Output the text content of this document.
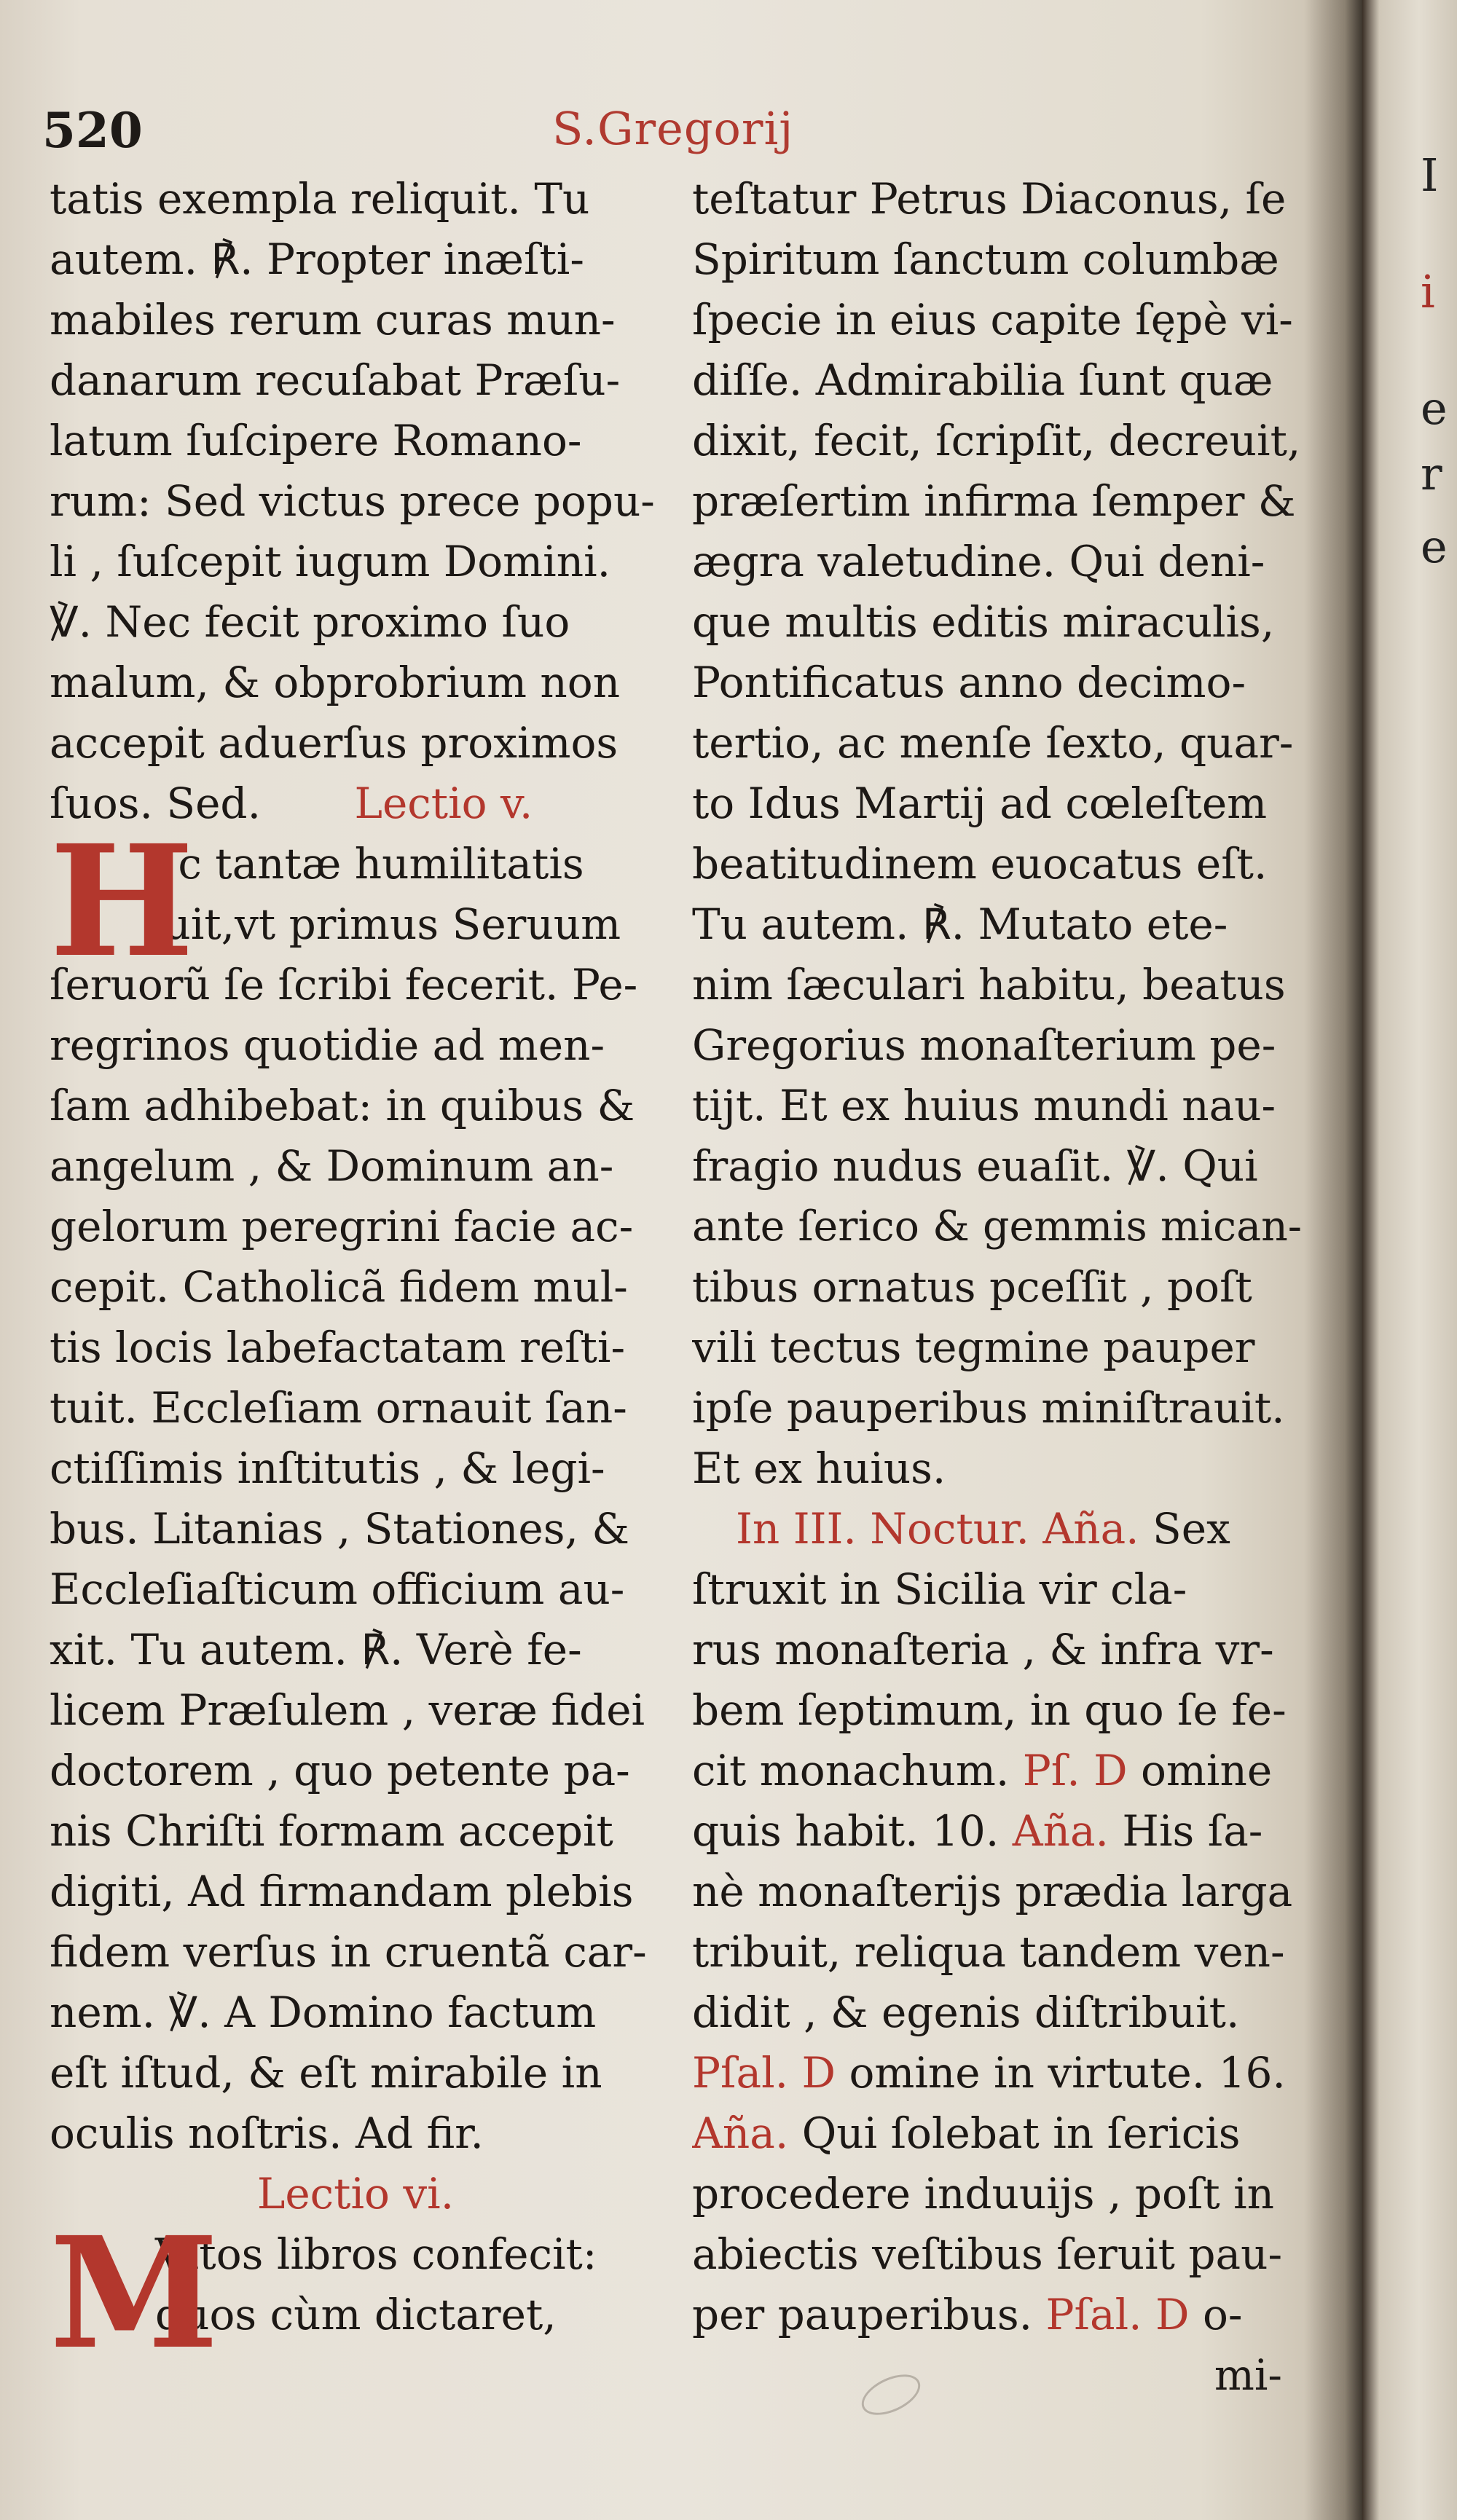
I
i
e
r
e
520	S.Gregorij
tatis exempla reliquit. Tu
autem. ℟. Propter inæſti-
mabiles rerum curas mun-
danarum recuſabat Præſu-
latum ſuſcipere Romano-
rum: Sed victus prece popu-
li , ſuſcepit iugum Domini.
℣. Nec fecit proximo ſuo
malum, & obprobrium non
accepit aduerſus proximos
ſuos. Sed. Lectio v.
H
I c tantæ humilitatis
fuit,vt primus Seruum
ſeruorũ ſe ſcribi fecerit. Pe-
regrinos quotidie ad men-
ſam adhibebat: in quibus &
angelum , & Dominum an-
gelorum peregrini facie ac-
cepit. Catholicã fidem mul-
tis locis labefactatam reſti-
tuit. Eccleſiam ornauit ſan-
ctiſſimis inſtitutis , & legi-
bus. Litanias , Stationes, &
Eccleſiaſticum officium au-
xit. Tu autem. ℟. Verè fe-
licem Præſulem , veræ fidei
doctorem , quo petente pa-
nis Chriſti formam accepit
digiti, Ad firmandam plebis
fidem verſus in cruentã car-
nem. ℣. A Domino factum
eſt iſtud, & eſt mirabile in
oculis noſtris. Ad fir.
Lectio vi.
M
Vltos libros confecit:
quos cùm dictaret,
teſtatur Petrus Diaconus, ſe
Spiritum ſanctum columbæ
ſpecie in eius capite ſępè vi-
diſſe. Admirabilia ſunt quæ
dixit, fecit, ſcripſit, decreuit,
præſertim infirma ſemper &
ægra valetudine. Qui deni-
que multis editis miraculis,
Pontificatus anno decimo-
tertio, ac menſe ſexto, quar-
to Idus Martij ad cœleſtem
beatitudinem euocatus eſt.
Tu autem. ℟. Mutato ete-
nim ſæculari habitu, beatus
Gregorius monaſterium pe-
tijt. Et ex huius mundi nau-
fragio nudus euaſit. ℣. Qui
ante ſerico & gemmis mican-
tibus ornatus pceſſit , poſt
vili tectus tegmine pauper
ipſe pauperibus miniſtrauit.
Et ex huius.
In III. Noctur. Aña. Sex
ſtruxit in Sicilia vir cla-
rus monaſteria , & infra vr-
bem ſeptimum, in quo ſe fe-
cit monachum. Pſ. D omine
quis habit. 10. Aña. His ſa-
nè monaſterijs prædia larga
tribuit, reliqua tandem ven-
didit , & egenis diſtribuit.
Pſal. D omine in virtute. 16.
Aña. Qui ſolebat in ſericis
procedere induuijs , poſt in
abiectis veſtibus ſeruit pau-
per pauperibus. Pſal. D o-
mi-
